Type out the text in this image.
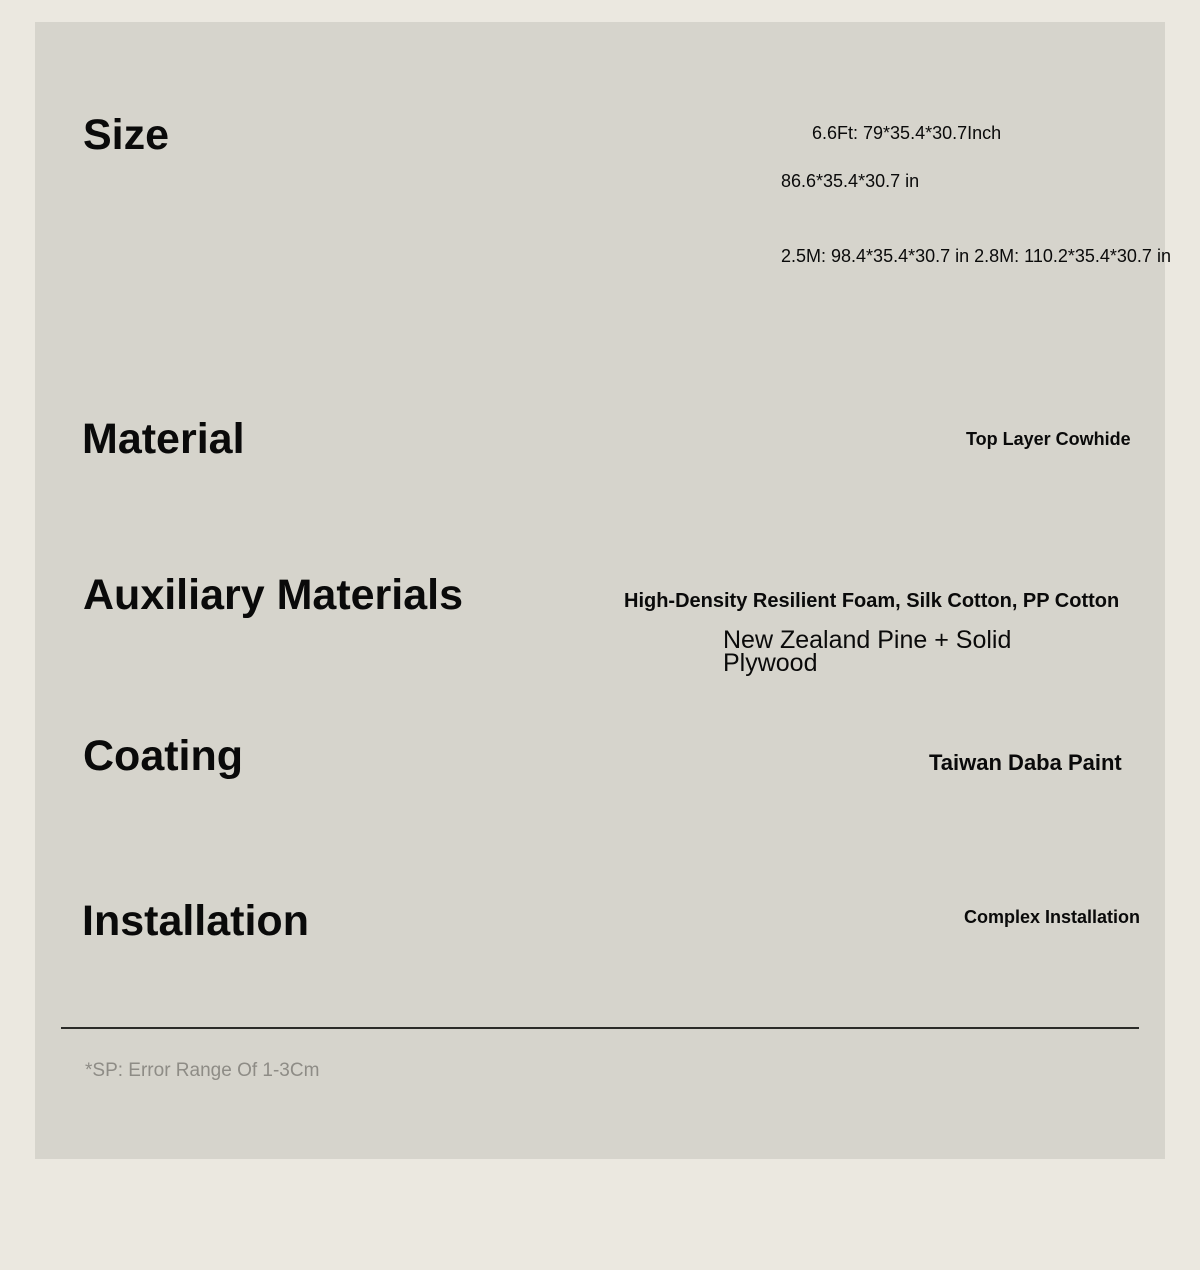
Size	6.6Ft: 79*35.4*30.7Inch
86.6*35.4*30.7 in
2.5M: 98.4*35.4*30.7 in 2.8M: 110.2*35.4*30.7 in
Material	Top Layer Cowhide
Auxiliary Materials	High-Density Resilient Foam, Silk Cotton, PP Cotton
New Zealand Pine + Solid
Plywood
Coating	Taiwan Daba Paint
Installation	Complex Installation
*SP: Error Range Of 1-3Cm
